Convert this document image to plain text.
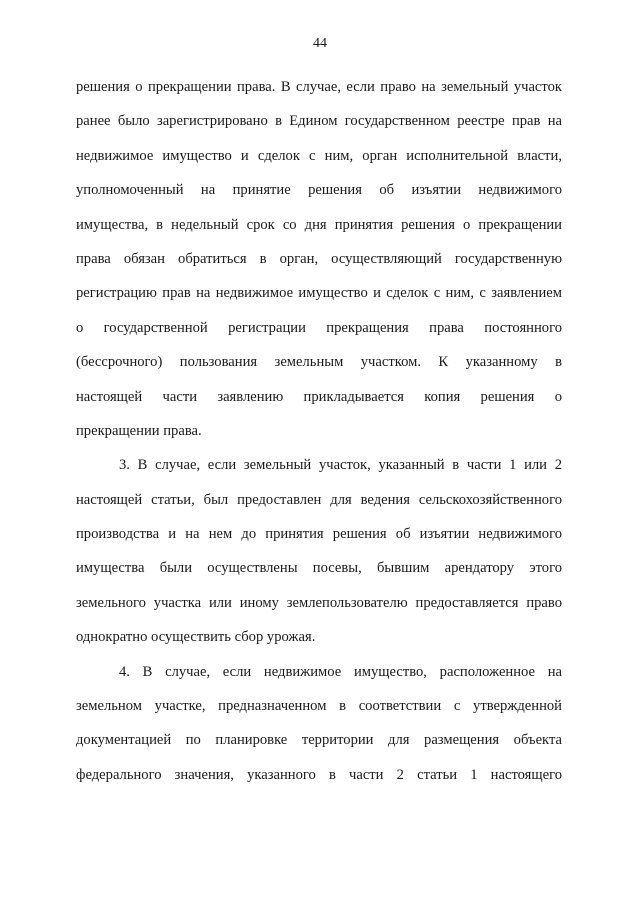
44
решения о прекращении права. В случае, если право на земельный участок
ранее было зарегистрировано в Едином государственном реестре прав на
недвижимое имущество и сделок с ним, орган исполнительной власти,
уполномоченный на принятие решения об изъятии недвижимого
имущества, в недельный срок со дня принятия решения о прекращении
права обязан обратиться в орган, осуществляющий государственную
регистрацию прав на недвижимое имущество и сделок с ним, с заявлением
о государственной регистрации прекращения права постоянного
(бессрочного) пользования земельным участком. К указанному в
настоящей части заявлению прикладывается копия решения о
прекращении права.
3. В случае, если земельный участок, указанный в части 1 или 2
настоящей статьи, был предоставлен для ведения сельскохозяйственного
производства и на нем до принятия решения об изъятии недвижимого
имущества были осуществлены посевы, бывшим арендатору этого
земельного участка или иному землепользователю предоставляется право
однократно осуществить сбор урожая.
4. В случае, если недвижимое имущество, расположенное на
земельном участке, предназначенном в соответствии с утвержденной
документацией по планировке территории для размещения объекта
федерального значения, указанного в части 2 статьи 1 настоящего
